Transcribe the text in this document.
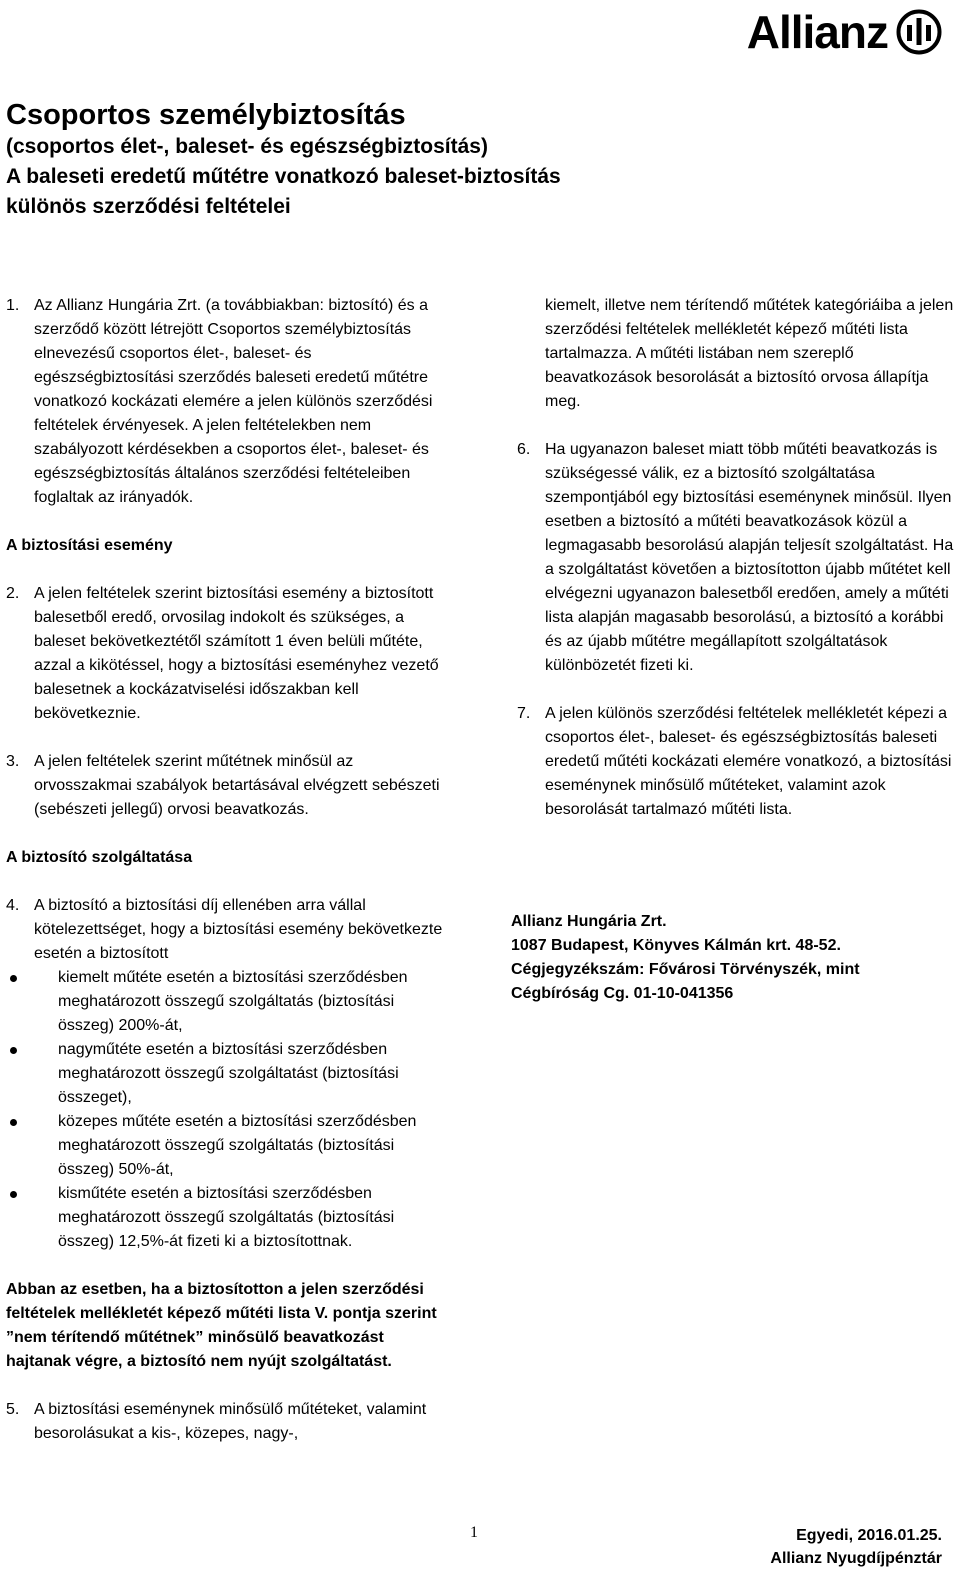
Allianz
Csoportos személybiztosítás
(csoportos élet-, baleset- és egészségbiztosítás)
A baleseti eredetű műtétre vonatkozó baleset-biztosítás
különös szerződési feltételei
1. Az Allianz Hungária Zrt. (a továbbiakban: biztosító) és a szerződő között létrejött Csoportos személybiztosítás elnevezésű csoportos élet-, baleset- és egészségbiztosítási szerződés baleseti eredetű műtétre vonatkozó kockázati elemére a jelen különös szerződési feltételek érvényesek. A jelen feltételekben nem szabályozott kérdésekben a csoportos élet-, baleset- és egészségbiztosítás általános szerződési feltételeiben foglaltak az irányadók.
A biztosítási esemény
2. A jelen feltételek szerint biztosítási esemény a biztosított balesetből eredő, orvosilag indokolt és szükséges, a baleset bekövetkeztétől számított 1 éven belüli műtéte, azzal a kikötéssel, hogy a biztosítási eseményhez vezető balesetnek a kockázatviselési időszakban kell bekövetkeznie.
3. A jelen feltételek szerint műtétnek minősül az orvosszakmai szabályok betartásával elvégzett sebészeti (sebészeti jellegű) orvosi beavatkozás.
A biztosító szolgáltatása
4. A biztosító a biztosítási díj ellenében arra vállal kötelezettséget, hogy a biztosítási esemény bekövetkezte esetén a biztosított
kiemelt műtéte esetén a biztosítási szerződésben meghatározott összegű szolgáltatás (biztosítási összeg) 200%-át,
nagyműtéte esetén a biztosítási szerződésben meghatározott összegű szolgáltatást (biztosítási összeget),
közepes műtéte esetén a biztosítási szerződésben meghatározott összegű szolgáltatás (biztosítási összeg) 50%-át,
kisműtéte esetén a biztosítási szerződésben meghatározott összegű szolgáltatás (biztosítási összeg) 12,5%-át fizeti ki a biztosítottnak.
Abban az esetben, ha a biztosítotton a jelen szerződési feltételek mellékletét képező műtéti lista V. pontja szerint ”nem térítendő műtétnek” minősülő beavatkozást hajtanak végre, a biztosító nem nyújt szolgáltatást.
5. A biztosítási eseménynek minősülő műtéteket, valamint besorolásukat a kis-, közepes, nagy-,
kiemelt, illetve nem térítendő műtétek kategóriáiba a jelen szerződési feltételek mellékletét képező műtéti lista tartalmazza. A műtéti listában nem szereplő beavatkozások besorolását a biztosító orvosa állapítja meg.
6. Ha ugyanazon baleset miatt több műtéti beavatkozás is szükségessé válik, ez a biztosító szolgáltatása szempontjából egy biztosítási eseménynek minősül. Ilyen esetben a biztosító a műtéti beavatkozások közül a legmagasabb besorolású alapján teljesít szolgáltatást. Ha a szolgáltatást követően a biztosítotton újabb műtétet kell elvégezni ugyanazon balesetből eredően, amely a műtéti lista alapján magasabb besorolású, a biztosító a korábbi és az újabb műtétre megállapított szolgáltatások különbözetét fizeti ki.
7. A jelen különös szerződési feltételek mellékletét képezi a csoportos élet-, baleset- és egészségbiztosítás baleseti eredetű műtéti kockázati elemére vonatkozó, a biztosítási eseménynek minősülő műtéteket, valamint azok besorolását tartalmazó műtéti lista.
Allianz Hungária Zrt.
1087 Budapest, Könyves Kálmán krt. 48-52.
Cégjegyzékszám: Fővárosi Törvényszék, mint
Cégbíróság Cg. 01-10-041356
1	Egyedi, 2016.01.25.
Allianz Nyugdíjpénztár
